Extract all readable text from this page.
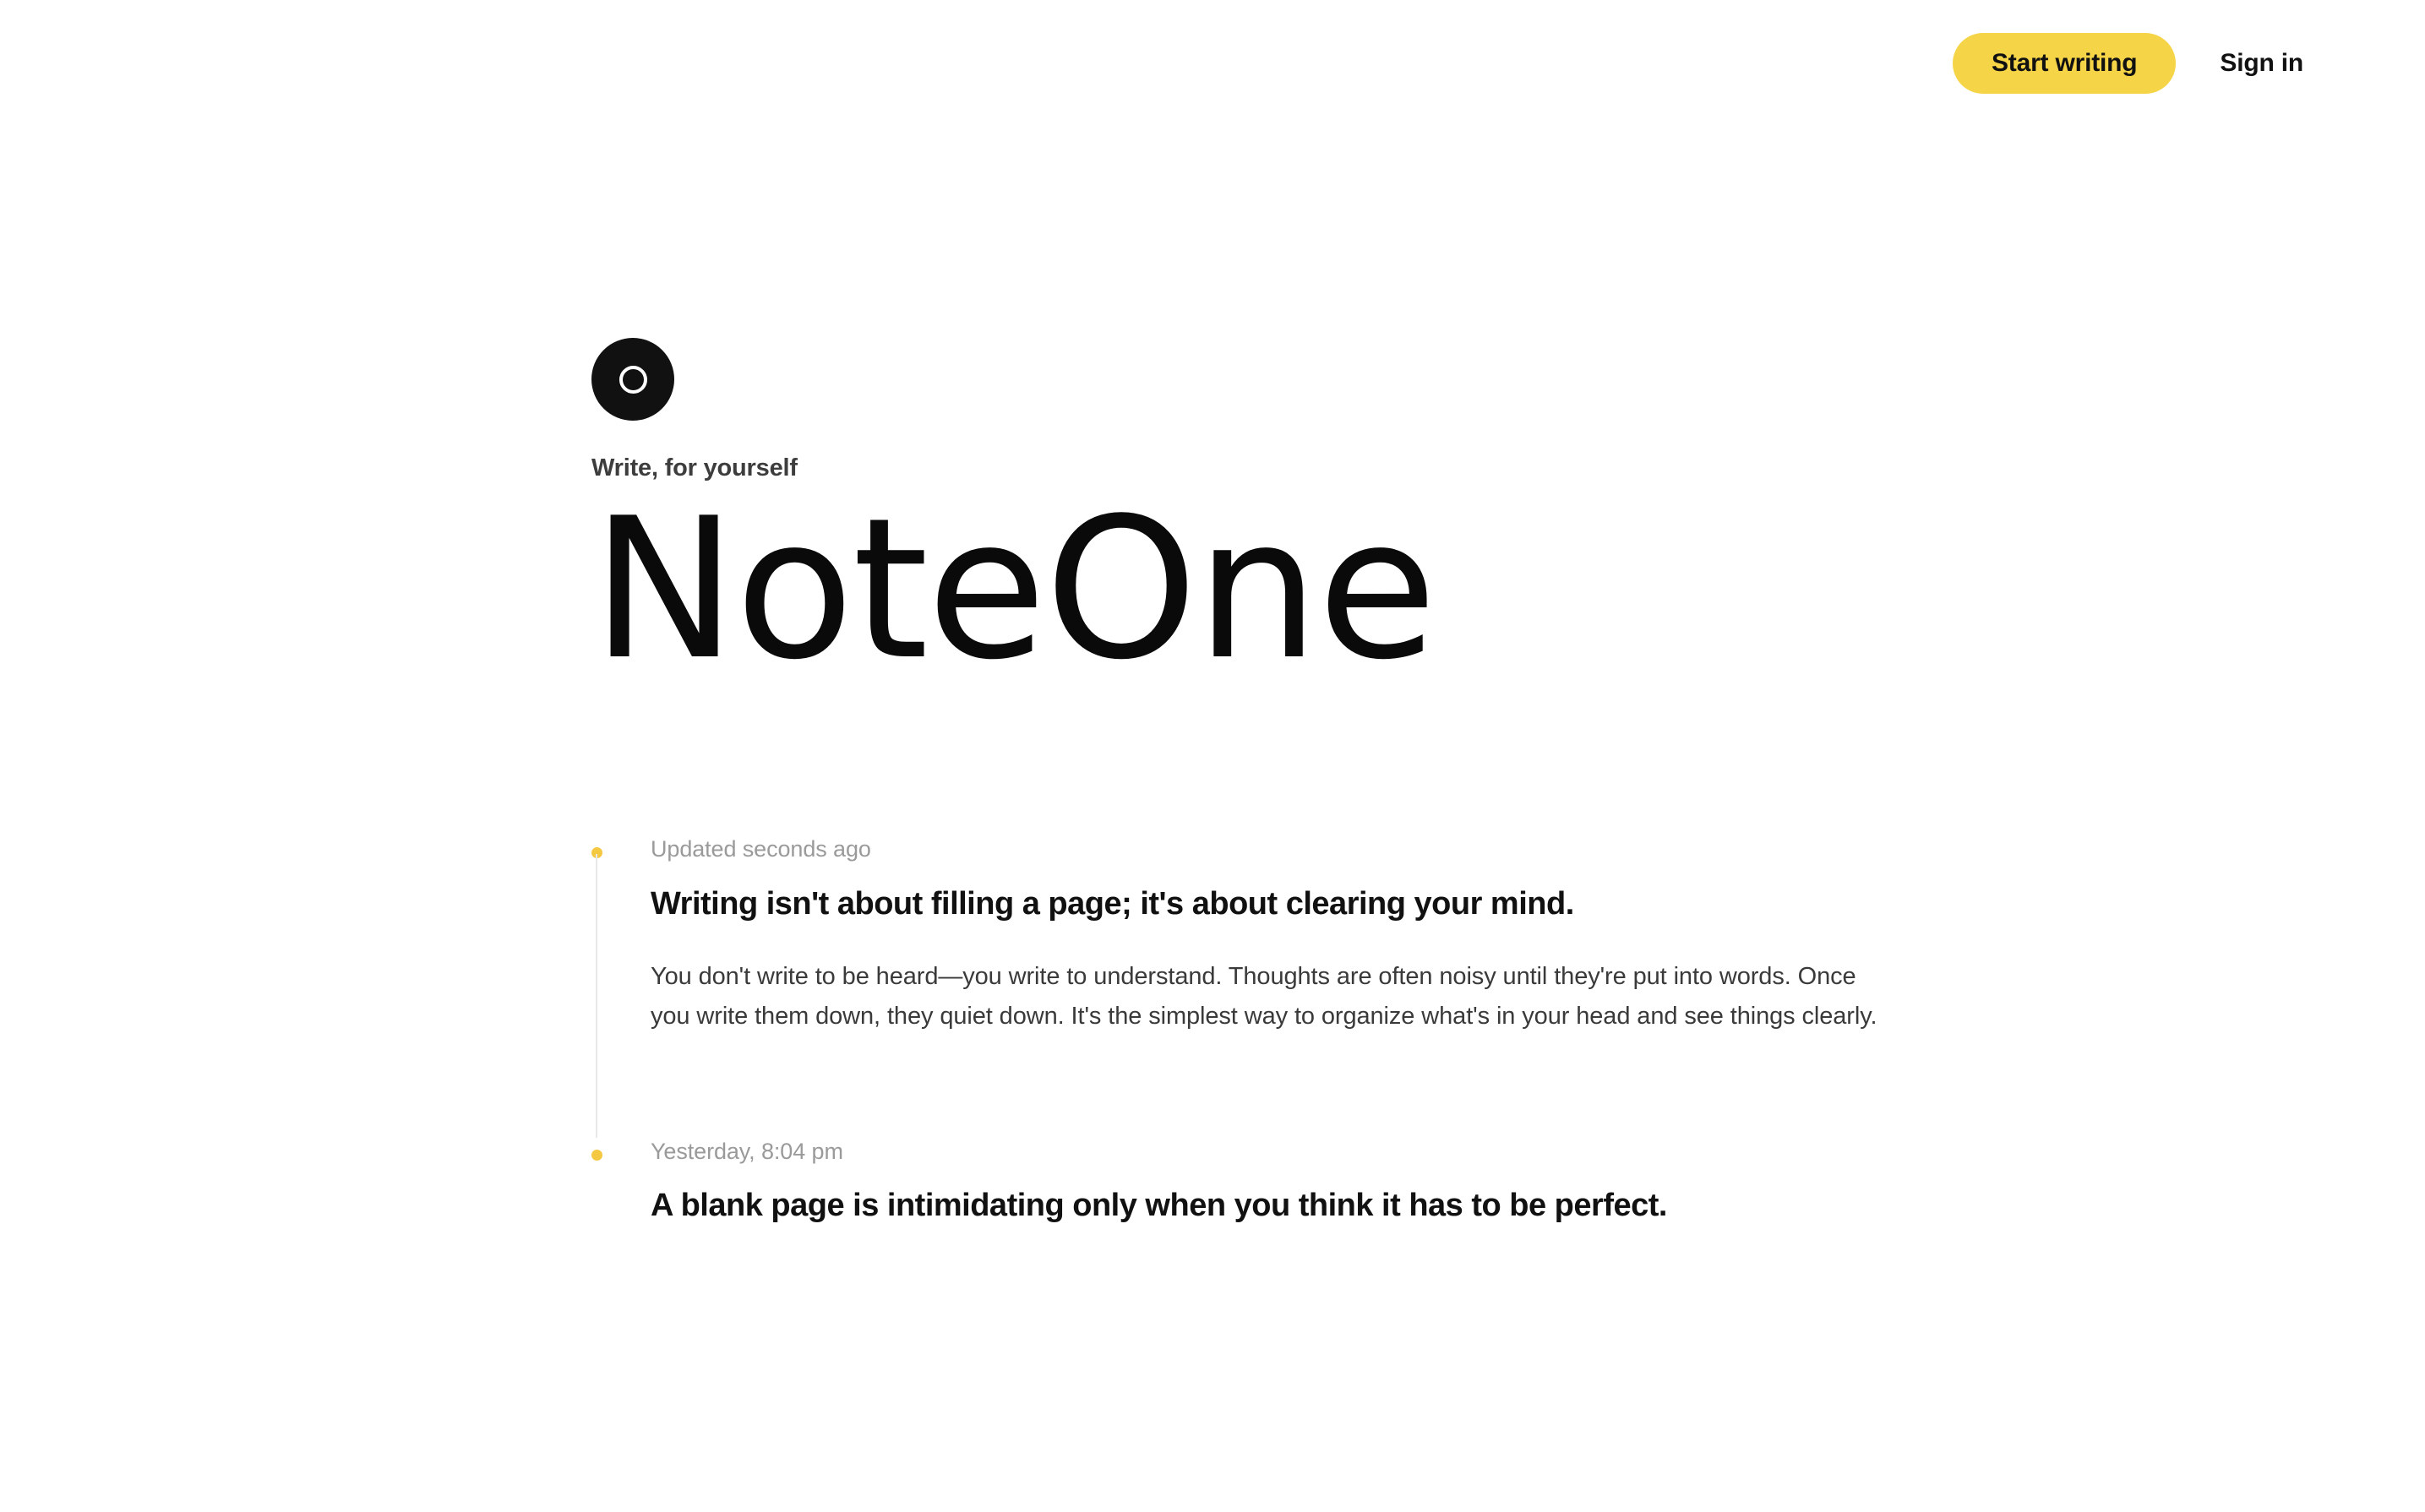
Start writing	Sign in

Write, for yourself

NoteOne

Updated seconds ago

Writing isn't about filling a page; it's about clearing your mind.

You don't write to be heard—you write to understand. Thoughts are often noisy until they're put into words. Once you write them down, they quiet down. It's the simplest way to organize what's in your head and see things clearly.

Yesterday, 8:04 pm

A blank page is intimidating only when you think it has to be perfect.
